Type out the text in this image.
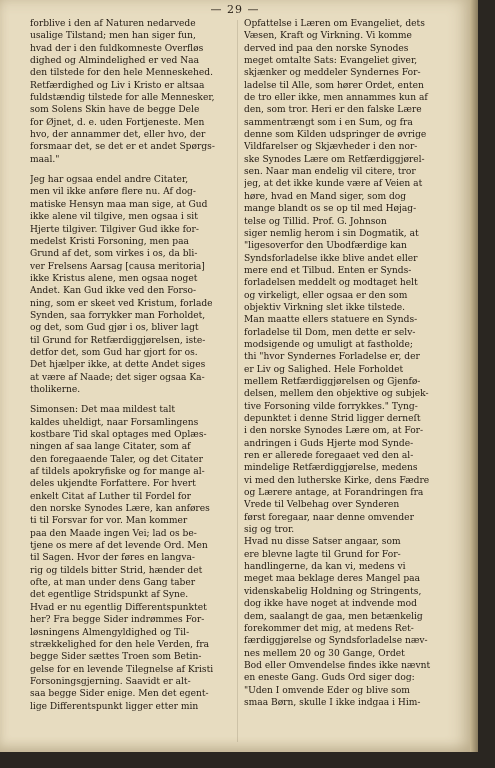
— 29 —
forblive i den af Naturen nedarvede
usalige Tilstand; men han siger fun,
hvad der i den fuldkomneste Overfløs
dighed og Almindelighed er ved Naa
den tilstede for den hele Menneskehed.
Retfærdighed og Liv i Kristo er altsaa
fuldstændig tilstede for alle Mennesker,
som Solens Skin have de begge Dele
for Øjnet, d. e. uden Fortjeneste. Men
hvo, der annammer det, eller hvo, der
forsmaar det, se det er et andet Spørgs-
maal."
Jeg har ogsaa endel andre Citater,
men vil ikke anføre flere nu. Af dog-
matiske Hensyn maa man sige, at Gud
ikke alene vil tilgive, men ogsaa i sit
Hjerte tilgiver. Tilgiver Gud ikke for-
medelst Kristi Forsoning, men paa
Grund af det, som virkes i os, da bli-
ver Frelsens Aarsag [causa meritoria]
ikke Kristus alene, men ogsaa noget
Andet. Kan Gud ikke ved den Forso-
ning, som er skeet ved Kristum, forlade
Synden, saa forrykker man Forholdet,
og det, som Gud gjør i os, bliver lagt
til Grund for Retfærdiggjørelsen, iste-
detfor det, som Gud har gjort for os.
Det hjælper ikke, at dette Andet siges
at være af Naade; det siger ogsaa Ka-
tholikerne.
Simonsen: Det maa mildest talt
kaldes uheldigt, naar Forsamlingens
kostbare Tid skal optages med Oplæs-
ningen af saa lange Citater, som af
den foregaaende Taler, og det Citater
af tildels apokryfiske og for mange al-
deles ukjendte Forfattere. For hvert
enkelt Citat af Luther til Fordel for
den norske Synodes Lære, kan anføres
ti til Forsvar for vor. Man kommer
paa den Maade ingen Vei; lad os be-
tjene os mere af det levende Ord. Men
til Sagen. Hvor der føres en langva-
rig og tildels bitter Strid, hænder det
ofte, at man under dens Gang taber
det egentlige Stridspunkt af Syne.
Hvad er nu egentlig Differentspunktet
her? Fra begge Sider indrømmes For-
løsningens Almengyldighed og Til-
strækkelighed for den hele Verden, fra
begge Sider sættes Troen som Betin-
gelse for en levende Tilegnelse af Kristi
Forsoningsgjerning. Saavidt er alt-
saa begge Sider enige. Men det egent-
lige Differentspunkt ligger etter min
Opfattelse i Læren om Evangeliet, dets
Væsen, Kraft og Virkning. Vi komme
derved ind paa den norske Synodes
meget omtalte Sats: Evangeliet giver,
skjænker og meddeler Syndernes For-
ladelse til Alle, som hører Ordet, enten
de tro eller ikke, men annammes kun af
den, som tror. Heri er den falske Lære
sammentrængt som i en Sum, og fra
denne som Kilden udspringer de øvrige
Vildfarelser og Skjævheder i den nor-
ske Synodes Lære om Retfærdiggjørel-
sen. Naar man endelig vil citere, tror
jeg, at det ikke kunde være af Veien at
høre, hvad en Mand siger, som dog
mange blandt os se op til med Højag-
telse og Tillid. Prof. G. Johnson
siger nemlig herom i sin Dogmatik, at
"ligesoverfor den Ubodfærdige kan
Syndsforladelse ikke blive andet eller
mere end et Tilbud. Enten er Synds-
forladelsen meddelt og modtaget helt
og virkeligt, eller ogsaa er den som
objektiv Virkning slet ikke tilstede.
Man maatte ellers statuere en Synds-
forladelse til Dom, men dette er selv-
modsigende og umuligt at fastholde;
thi "hvor Syndernes Forladelse er, der
er Liv og Salighed. Hele Forholdet
mellem Retfærdiggjørelsen og Gjenfø-
delsen, mellem den objektive og subjek-
tive Forsoning vilde forrykkes." Tyng-
depunktet i denne Strid ligger derneſt
i den norske Synodes Lære om, at For-
andringen i Guds Hjerte mod Synde-
ren er allerede foregaaet ved den al-
mindelige Retfærdiggjørelse, medens
vi med den lutherske Kirke, dens Fædre
og Lærere antage, at Forandringen fra
Vrede til Velbehag over Synderen
først foregaar, naar denne omvender
sig og tror.
Hvad nu disse Satser angaar, som
ere blevne lagte til Grund for For-
handlingerne, da kan vi, medens vi
meget maa beklage deres Mangel paa
videnskabelig Holdning og Stringents,
dog ikke have noget at indvende mod
dem, saalangt de gaa, men betænkelig
forekommer det mig, at medens Ret-
færdiggjørelse og Syndsforladelse næv-
nes mellem 20 og 30 Gange, Ordet
Bod eller Omvendelse findes ikke nævnt
en eneste Gang. Guds Ord siger dog:
"Uden I omvende Eder og blive som
smaa Børn, skulle I ikke indgaa i Him-
